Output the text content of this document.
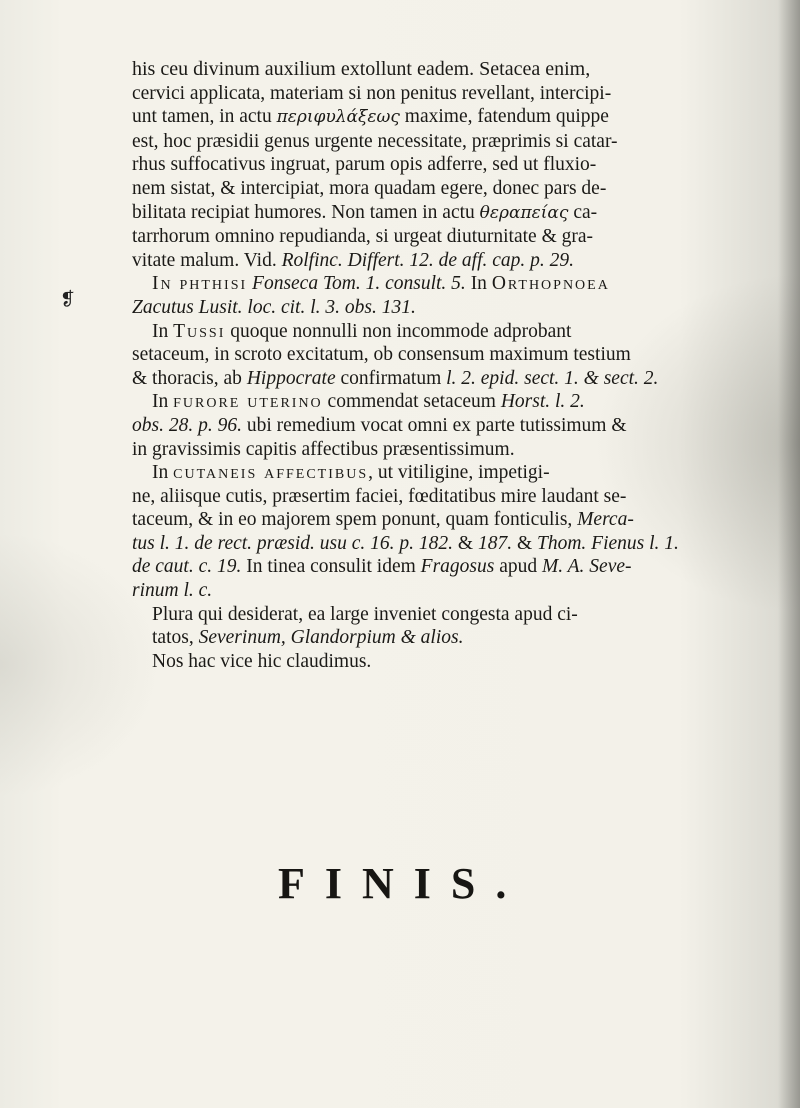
❡
his ceu divinum auxilium extollunt eadem. Setacea enim,
cervici applicata, materiam si non penitus revellant, intercipi-
unt tamen, in actu περιφυλάξεως maxime, fatendum quippe
est, hoc præsidii genus urgente necessitate, præprimis si catar-
rhus suffocativus ingruat, parum opis adferre, sed ut fluxio-
nem sistat, & intercipiat, mora quadam egere, donec pars de-
bilitata recipiat humores. Non tamen in actu θεραπείας ca-
tarrhorum omnino repudianda, si urgeat diuturnitate & gra-
vitate malum. Vid. Rolfinc. Differt. 12. de aff. cap. p. 29.
In phthisi Fonseca Tom. 1. consult. 5. In Orthopnoea
Zacutus Lusit. loc. cit. l. 3. obs. 131.
In Tussi quoque nonnulli non incommode adprobant
setaceum, in scroto excitatum, ob consensum maximum testium
& thoracis, ab Hippocrate confirmatum l. 2. epid. sect. 1. & sect. 2.
In furore uterino commendat setaceum Horst. l. 2.
obs. 28. p. 96. ubi remedium vocat omni ex parte tutissimum &
in gravissimis capitis affectibus præsentissimum.
In cutaneis affectibus, ut vitiligine, impetigi-
ne, aliisque cutis, præsertim faciei, fœditatibus mire laudant se-
taceum, & in eo majorem spem ponunt, quam fonticulis, Merca-
tus l. 1. de rect. præsid. usu c. 16. p. 182. & 187. & Thom. Fienus l. 1.
de caut. c. 19. In tinea consulit idem Fragosus apud M. A. Seve-
rinum l. c.
Plura qui desiderat, ea large inveniet congesta apud ci-
tatos, Severinum, Glandorpium & alios.
Nos hac vice hic claudimus.
FINIS.
